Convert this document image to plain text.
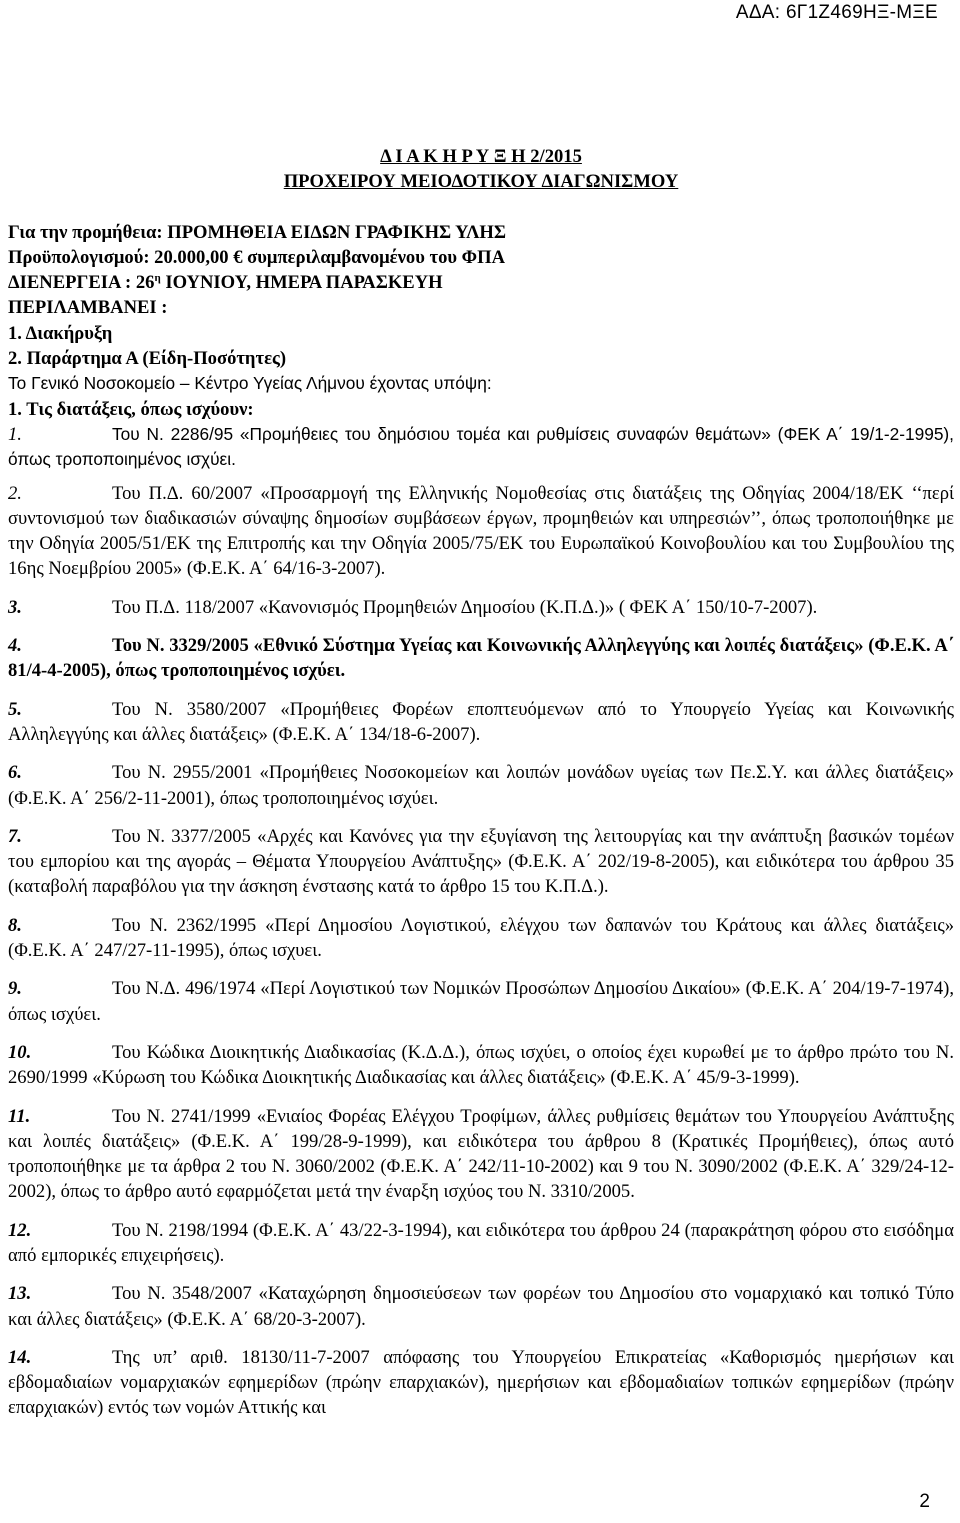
ΑΔΑ: 6Γ1Ζ469ΗΞ-ΜΞΕ
Δ Ι Α Κ Η Ρ Υ Ξ Η 2/2015
ΠΡΟΧΕΙΡΟΥ ΜΕΙΟΔΟΤΙΚΟΥ ΔΙΑΓΩΝΙΣΜΟΥ
Για την προμήθεια: ΠΡΟΜΗΘΕΙΑ ΕΙΔΩΝ ΓΡΑΦΙΚΗΣ ΥΛΗΣ
Προϋπολογισμού: 20.000,00 € συμπεριλαμβανομένου του ΦΠΑ
ΔΙΕΝΕΡΓΕΙΑ : $26^\eta$ ΙΟΥΝΙΟΥ, ΗΜΕΡΑ ΠΑΡΑΣΚΕΥΗ
ΠΕΡΙΛΑΜΒΑΝΕΙ :
1. Διακήρυξη
2. Παράρτημα Α (Είδη-Ποσότητες)
Το Γενικό Νοσοκομείο – Κέντρο Υγείας Λήμνου έχοντας υπόψη:
1. Τις διατάξεις, όπως ισχύουν:
1.	Του Ν. 2286/95 «Προμήθειες του δημόσιου τομέα και ρυθμίσεις συναφών θεμάτων» (ΦΕΚ Α΄ 19/1-2-1995), όπως τροποποιημένος ισχύει.
2.	Του Π.Δ. 60/2007 «Προσαρμογή της Ελληνικής Νομοθεσίας στις διατάξεις της Οδηγίας 2004/18/ΕΚ ‘‘περί συντονισμού των διαδικασιών σύναψης δημοσίων συμβάσεων έργων, προμηθειών και υπηρεσιών’’, όπως τροποποιήθηκε με την Οδηγία 2005/51/ΕΚ της Επιτροπής και την Οδηγία 2005/75/ΕΚ του Ευρωπαϊκού Κοινοβουλίου και του Συμβουλίου της 16ης Νοεμβρίου 2005» (Φ.Ε.Κ. Α΄ 64/16-3-2007).
3.	Του Π.Δ. 118/2007 «Κανονισμός Προμηθειών Δημοσίου (Κ.Π.Δ.)» ( ΦΕΚ Α΄ 150/10-7-2007).
4.	Του Ν. 3329/2005 «Εθνικό Σύστημα Υγείας και Κοινωνικής Αλληλεγγύης και λοιπές διατάξεις» (Φ.Ε.Κ. Α΄ 81/4-4-2005), όπως τροποποιημένος ισχύει.
5.	Του Ν. 3580/2007 «Προμήθειες Φορέων εποπτευόμενων από το Υπουργείο Υγείας και Κοινωνικής Αλληλεγγύης και άλλες διατάξεις» (Φ.Ε.Κ. Α΄ 134/18-6-2007).
6.	Του Ν. 2955/2001 «Προμήθειες Νοσοκομείων και λοιπών μονάδων υγείας των Πε.Σ.Υ. και άλλες διατάξεις» (Φ.Ε.Κ. Α΄ 256/2-11-2001), όπως τροποποιημένος ισχύει.
7.	Του Ν. 3377/2005 «Αρχές και Κανόνες για την εξυγίανση της λειτουργίας και την ανάπτυξη βασικών τομέων του εμπορίου και της αγοράς – Θέματα Υπουργείου Ανάπτυξης» (Φ.Ε.Κ. Α΄ 202/19-8-2005), και ειδικότερα του άρθρου 35 (καταβολή παραβόλου για την άσκηση ένστασης κατά το άρθρο 15 του Κ.Π.Δ.).
8.	Του Ν. 2362/1995 «Περί Δημοσίου Λογιστικού, ελέγχου των δαπανών του Κράτους και άλλες διατάξεις» (Φ.Ε.Κ. Α΄ 247/27-11-1995), όπως ισχυει.
9.	Του Ν.Δ. 496/1974 «Περί Λογιστικού των Νομικών Προσώπων Δημοσίου Δικαίου» (Φ.Ε.Κ. Α΄ 204/19-7-1974), όπως ισχύει.
10.	Του Κώδικα Διοικητικής Διαδικασίας (Κ.Δ.Δ.), όπως ισχύει, ο οποίος έχει κυρωθεί με το άρθρο πρώτο του Ν. 2690/1999 «Κύρωση του Κώδικα Διοικητικής Διαδικασίας και άλλες διατάξεις» (Φ.Ε.Κ. Α΄ 45/9-3-1999).
11.	Του Ν. 2741/1999 «Ενιαίος Φορέας Ελέγχου Τροφίμων, άλλες ρυθμίσεις θεμάτων του Υπουργείου Ανάπτυξης και λοιπές διατάξεις» (Φ.Ε.Κ. Α΄ 199/28-9-1999), και ειδικότερα του άρθρου 8 (Κρατικές Προμήθειες), όπως αυτό τροποποιήθηκε με τα άρθρα 2 του Ν. 3060/2002 (Φ.Ε.Κ. Α΄ 242/11-10-2002) και 9 του Ν. 3090/2002 (Φ.Ε.Κ. Α΄ 329/24-12-2002), όπως το άρθρο αυτό εφαρμόζεται μετά την έναρξη ισχύος του Ν. 3310/2005.
12.	Του Ν. 2198/1994 (Φ.Ε.Κ. Α΄ 43/22-3-1994), και ειδικότερα του άρθρου 24 (παρακράτηση φόρου στο εισόδημα από εμπορικές επιχειρήσεις).
13.	Του Ν. 3548/2007 «Καταχώρηση δημοσιεύσεων των φορέων του Δημοσίου στο νομαρχιακό και τοπικό Τύπο και άλλες διατάξεις» (Φ.Ε.Κ. Α΄ 68/20-3-2007).
14.	Της υπ’ αριθ. 18130/11-7-2007 απόφασης του Υπουργείου Επικρατείας «Καθορισμός ημερήσιων και εβδομαδιαίων νομαρχιακών εφημερίδων (πρώην επαρχιακών), ημερήσιων και εβδομαδιαίων τοπικών εφημερίδων (πρώην επαρχιακών) εντός των νομών Αττικής και
2
